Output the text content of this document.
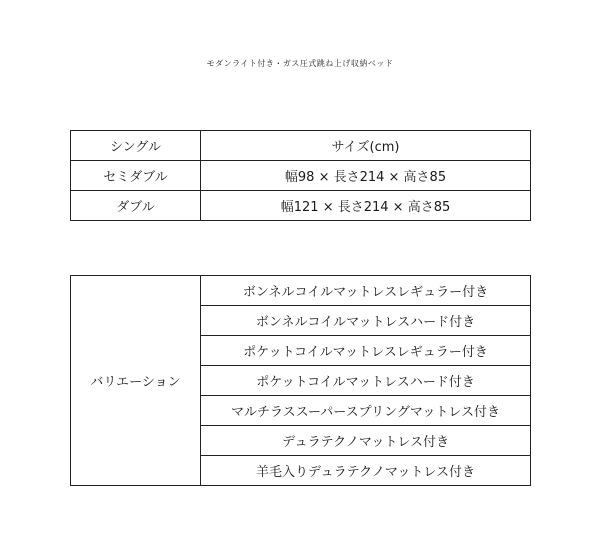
モダンライト付き・ガス圧式跳ね上げ収納ベッド
シングル	サイズ(cm)
セミダブル	幅98 × 長さ214 × 高さ85
ダブル	幅121 × 長さ214 × 高さ85
バリエーション	ボンネルコイルマットレスレギュラー付き
ボンネルコイルマットレスハード付き
ポケットコイルマットレスレギュラー付き
ポケットコイルマットレスハード付き
マルチラススーパースプリングマットレス付き
デュラテクノマットレス付き
羊毛入りデュラテクノマットレス付き
